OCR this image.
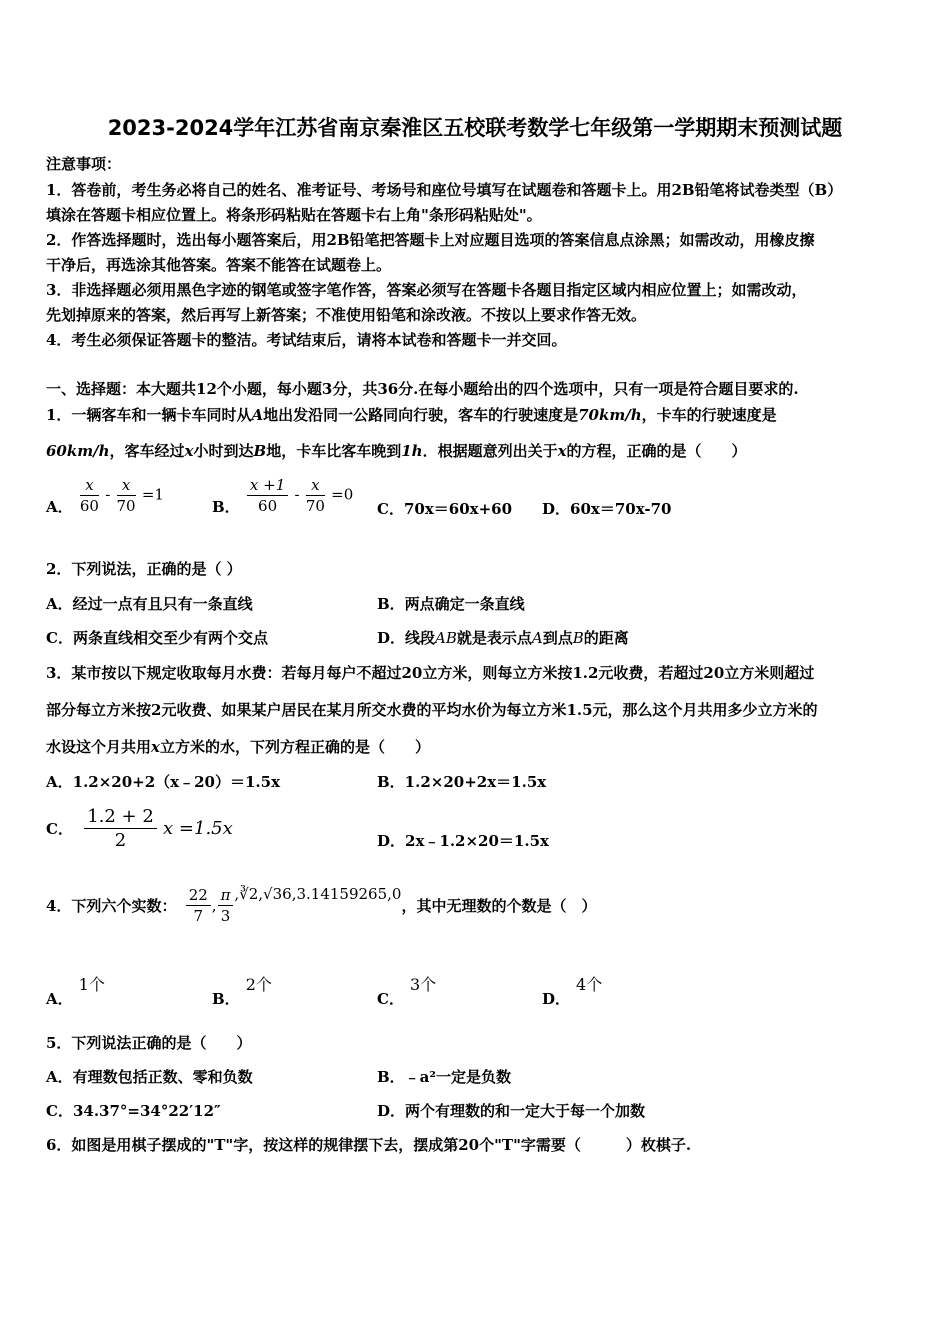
2023-2024学年江苏省南京秦淮区五校联考数学七年级第一学期期末预测试题
注意事项：
1．答卷前，考生务必将自己的姓名、准考证号、考场号和座位号填写在试题卷和答题卡上。用2B铅笔将试卷类型（B）
填涂在答题卡相应位置上。将条形码粘贴在答题卡右上角"条形码粘贴处"。
2．作答选择题时，选出每小题答案后，用2B铅笔把答题卡上对应题目选项的答案信息点涂黑；如需改动，用橡皮擦
干净后，再选涂其他答案。答案不能答在试题卷上。
3．非选择题必须用黑色字迹的钢笔或签字笔作答，答案必须写在答题卡各题目指定区域内相应位置上；如需改动，
先划掉原来的答案，然后再写上新答案；不准使用铅笔和涂改液。不按以上要求作答无效。
4．考生必须保证答题卡的整洁。考试结束后，请将本试卷和答题卡一并交回。
一、选择题：本大题共12个小题，每小题3分，共36分.在每小题给出的四个选项中，只有一项是符合题目要求的.
1．一辆客车和一辆卡车同时从A地出发沿同一公路同向行驶，客车的行驶速度是70km/h，卡车的行驶速度是
60km/h，客车经过x小时到达B地，卡车比客车晚到1h．根据题意列出关于x的方程，正确的是（　　）
A． $\frac{x}{60} - \frac{x}{70} =1$
B． $\frac{x +1}{60} - \frac{x}{70} =0$
C．70x＝60x+60 D．60x＝70x-70
2．下列说法，正确的是（ ）
A．经过一点有且只有一条直线	B．两点确定一条直线
C．两条直线相交至少有两个交点	D．线段AB就是表示点A到点B的距离
3．某市按以下规定收取每月水费：若每月每户不超过20立方米，则每立方米按1.2元收费，若超过20立方米则超过
部分每立方米按2元收费、如果某户居民在某月所交水费的平均水价为每立方米1.5元，那么这个月共用多少立方米的
水设这个月共用x立方米的水，下列方程正确的是（　　）
A．1.2×20+2（x﹣20）＝1.5x	B．1.2×20+2x＝1.5x
C． $\frac{1.2 + 2}{2}$ x =1.5x
D．2x﹣1.2×20＝1.5x
4．下列六个实数： $\frac{22}{7}$ , $\frac{\pi}{3}$ ,∛2,√36,3.14159265,0，其中无理数的个数是（　）
A．1个
B．2个
C．3个
D．4个
5．下列说法正确的是（　　）
A．有理数包括正数、零和负数	B．﹣a²一定是负数
C．34.37°=34°22′12″	D．两个有理数的和一定大于每一个加数
6．如图是用棋子摆成的"T"字，按这样的规律摆下去，摆成第20个"T"字需要（　　　）枚棋子.
